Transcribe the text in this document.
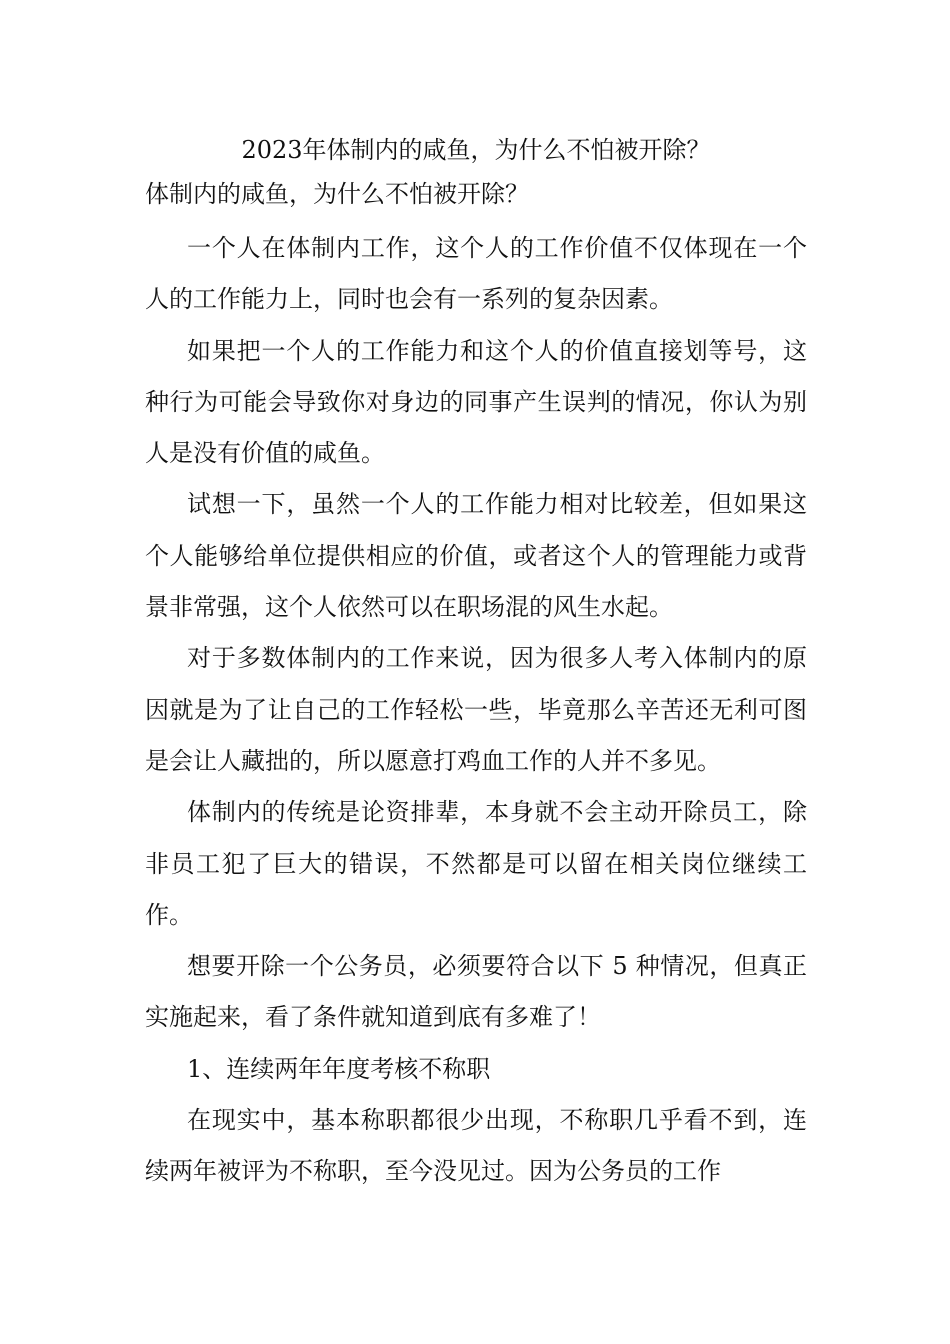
2023年体制内的咸鱼，为什么不怕被开除？

体制内的咸鱼，为什么不怕被开除？

一个人在体制内工作，这个人的工作价值不仅体现在一个人的工作能力上，同时也会有一系列的复杂因素。

如果把一个人的工作能力和这个人的价值直接划等号，这种行为可能会导致你对身边的同事产生误判的情况，你认为别人是没有价值的咸鱼。

试想一下，虽然一个人的工作能力相对比较差，但如果这个人能够给单位提供相应的价值，或者这个人的管理能力或背景非常强，这个人依然可以在职场混的风生水起。

对于多数体制内的工作来说，因为很多人考入体制内的原因就是为了让自己的工作轻松一些，毕竟那么辛苦还无利可图是会让人藏拙的，所以愿意打鸡血工作的人并不多见。

体制内的传统是论资排辈，本身就不会主动开除员工，除非员工犯了巨大的错误，不然都是可以留在相关岗位继续工作。

想要开除一个公务员，必须要符合以下 5 种情况，但真正实施起来，看了条件就知道到底有多难了！

1、连续两年年度考核不称职

在现实中，基本称职都很少出现，不称职几乎看不到，连续两年被评为不称职，至今没见过。因为公务员的工作
